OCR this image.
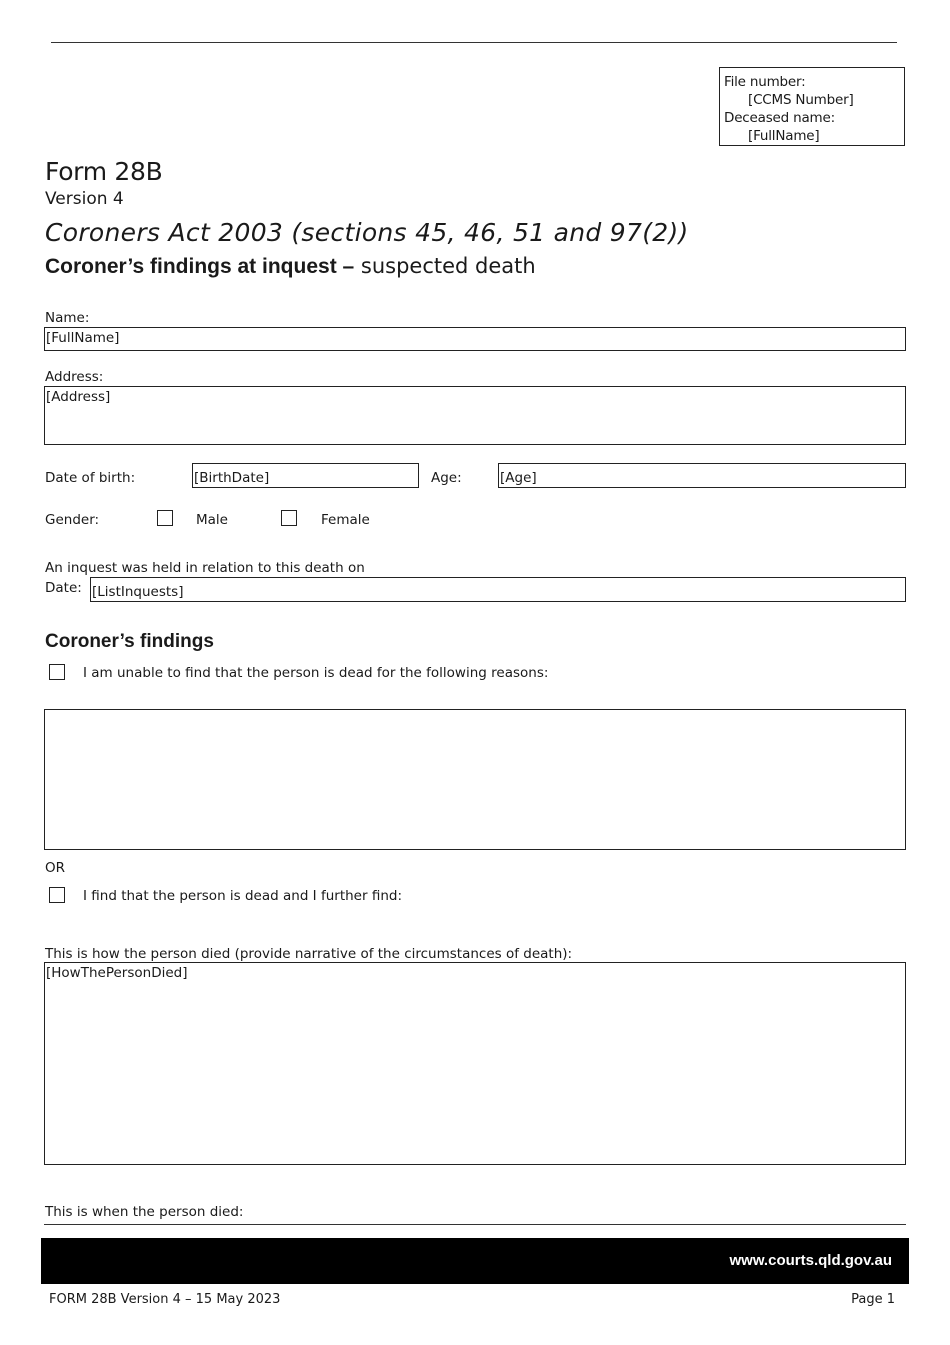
File number:
[CCMS Number]
Deceased name:
[FullName]
Form 28B
Version 4
Coroners Act 2003 (sections 45, 46, 51 and 97(2))
Coroner’s findings at inquest – suspected death
Name:
[FullName]
Address:
[Address]
Date of birth:	[BirthDate]	Age:	[Age]
Gender:	Male	Female
An inquest was held in relation to this death on
Date: [ListInquests]
Coroner’s findings
I am unable to find that the person is dead for the following reasons:
OR
I find that the person is dead and I further find:
This is how the person died (provide narrative of the circumstances of death):
[HowThePersonDied]
This is when the person died:
www.courts.qld.gov.au
FORM 28B Version 4 – 15 May 2023	Page 1
